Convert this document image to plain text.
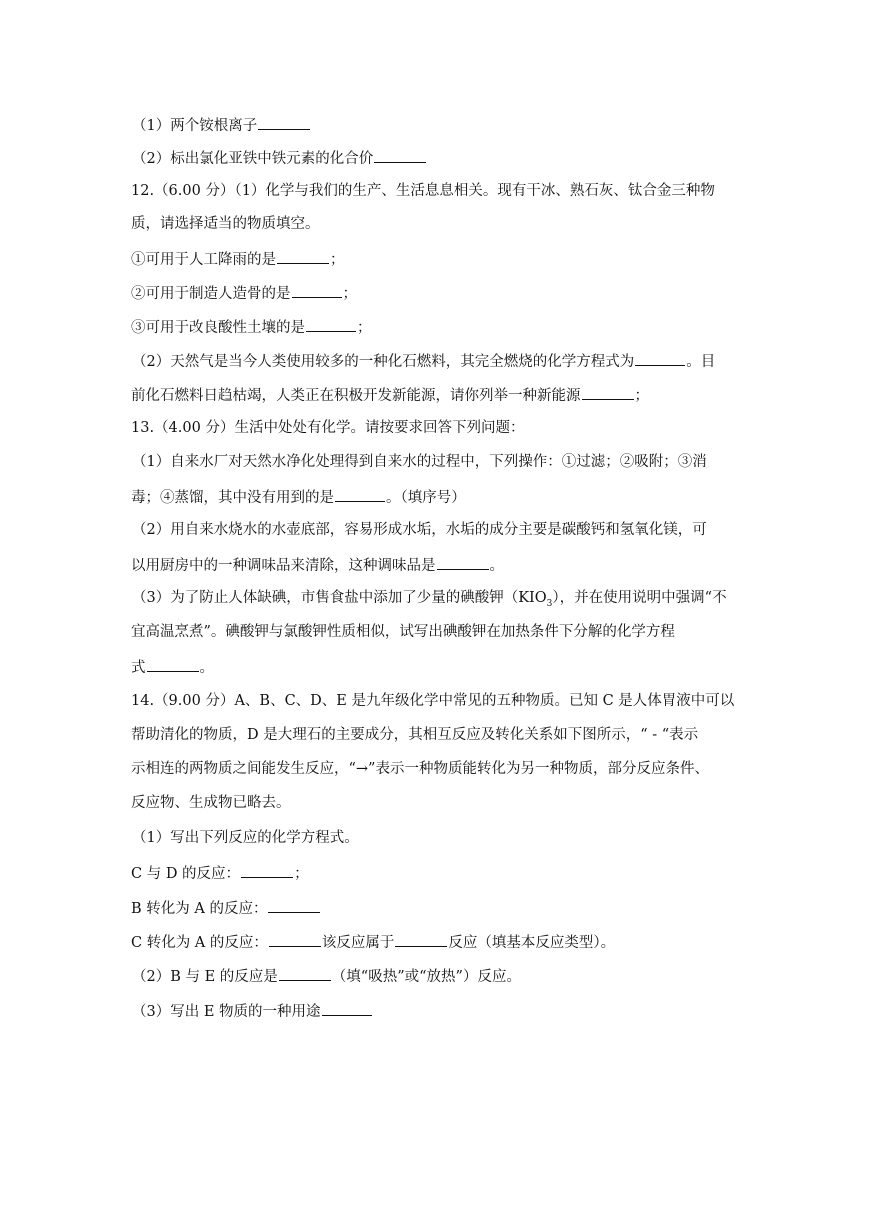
（1）两个铵根离子
（2）标出氯化亚铁中铁元素的化合价
12.（6.00 分）（1）化学与我们的生产、生活息息相关。现有干冰、熟石灰、钛合金三种物
质，请选择适当的物质填空。
①可用于人工降雨的是	；
②可用于制造人造骨的是	；
③可用于改良酸性土壤的是	；
（2）天然气是当今人类使用较多的一种化石燃料，其完全燃烧的化学方程式为	。目
前化石燃料日趋枯竭，人类正在积极开发新能源，请你列举一种新能源	；
13.（4.00 分）生活中处处有化学。请按要求回答下列问题：
（1）自来水厂对天然水净化处理得到自来水的过程中，下列操作：①过滤；②吸附；③消
毒；④蒸馏，其中没有用到的是	。（填序号）
（2）用自来水烧水的水壶底部，容易形成水垢，水垢的成分主要是碳酸钙和氢氧化镁，可
以用厨房中的一种调味品来清除，这种调味品是	。
（3）为了防止人体缺碘，市售食盐中添加了少量的碘酸钾$(KIO_3)$，并在使用说明中强调“不
宜高温烹煮”。碘酸钾与氯酸钾性质相似，试写出碘酸钾在加热条件下分解的化学方程
式	。
14.（9.00 分）A、B、C、D、E 是九年级化学中常见的五种物质。已知 C 是人体胃液中可以
帮助清化的物质，D 是大理石的主要成分，其相互反应及转化关系如下图所示，“ - “表示
示相连的两物质之间能发生反应，“→”表示一种物质能转化为另一种物质，部分反应条件、
反应物、生成物已略去。
（1）写出下列反应的化学方程式。
C 与 D 的反应：	；
B 转化为 A 的反应：
C 转化为 A 的反应：	该反应属于	反应（填基本反应类型）。
（2）B 与 E 的反应是	（填“吸热”或“放热”）反应。
（3）写出 E 物质的一种用途
